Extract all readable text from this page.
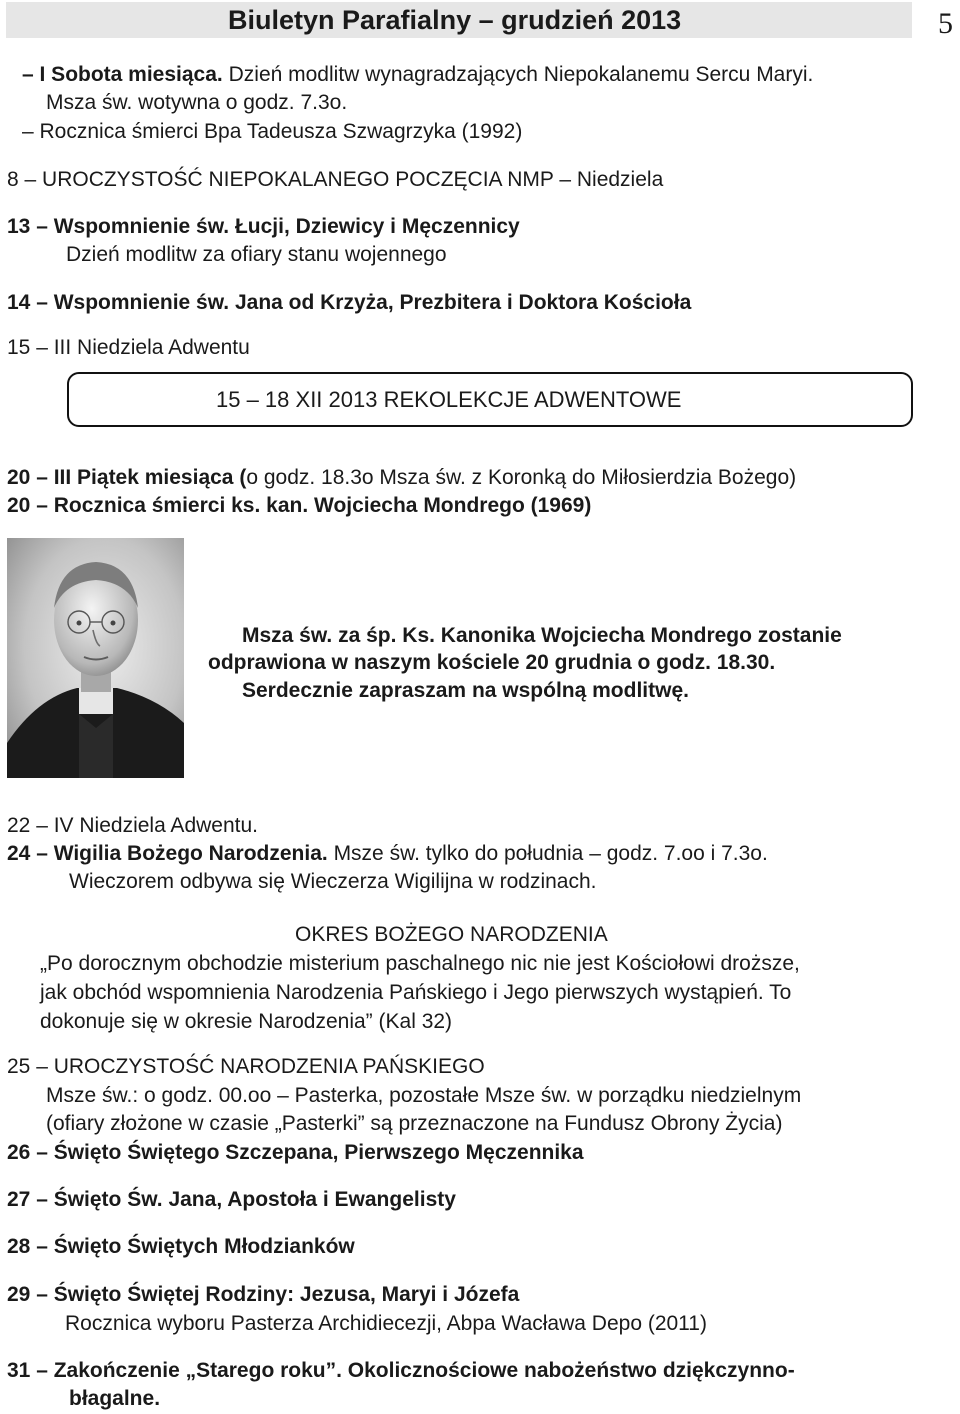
Biuletyn Parafialny – grudzień 2013	5
– I Sobota miesiąca. Dzień modlitw wynagradzających Niepokalanemu Sercu Maryi.
Msza św. wotywna o godz. 7.3o.
– Rocznica śmierci Bpa Tadeusza Szwagrzyka (1992)
8 – UROCZYSTOŚĆ NIEPOKALANEGO POCZĘCIA NMP – Niedziela
13 – Wspomnienie św. Łucji, Dziewicy i Męczennicy
Dzień modlitw za ofiary stanu wojennego
14 – Wspomnienie św. Jana od Krzyża, Prezbitera i Doktora Kościoła
15 – III Niedziela Adwentu
15 – 18 XII 2013 REKOLEKCJE ADWENTOWE
20 – III Piątek miesiąca (o godz. 18.3o Msza św. z Koronką do Miłosierdzia Bożego)
20 – Rocznica śmierci ks. kan. Wojciecha Mondrego (1969)
Msza św. za śp. Ks. Kanonika Wojciecha Mondrego zostanie
odprawiona w naszym kościele 20 grudnia o godz. 18.30.
Serdecznie zapraszam na wspólną modlitwę.
22 – IV Niedziela Adwentu.
24 – Wigilia Bożego Narodzenia. Msze św. tylko do południa – godz. 7.oo i 7.3o.
Wieczorem odbywa się Wieczerza Wigilijna w rodzinach.
OKRES BOŻEGO NARODZENIA
„Po dorocznym obchodzie misterium paschalnego nic nie jest Kościołowi droższe,
jak obchód wspomnienia Narodzenia Pańskiego i Jego pierwszych wystąpień. To
dokonuje się w okresie Narodzenia” (Kal 32)
25 – UROCZYSTOŚĆ NARODZENIA PAŃSKIEGO
Msze św.: o godz. 00.oo – Pasterka, pozostałe Msze św. w porządku niedzielnym
(ofiary złożone w czasie „Pasterki” są przeznaczone na Fundusz Obrony Życia)
26 – Święto Świętego Szczepana, Pierwszego Męczennika
27 – Święto Św. Jana, Apostoła i Ewangelisty
28 – Święto Świętych Młodzianków
29 – Święto Świętej Rodziny: Jezusa, Maryi i Józefa
Rocznica wyboru Pasterza Archidiecezji, Abpa Wacława Depo (2011)
31 – Zakończenie „Starego roku”. Okolicznościowe nabożeństwo dziękczynno-
błagalne.
